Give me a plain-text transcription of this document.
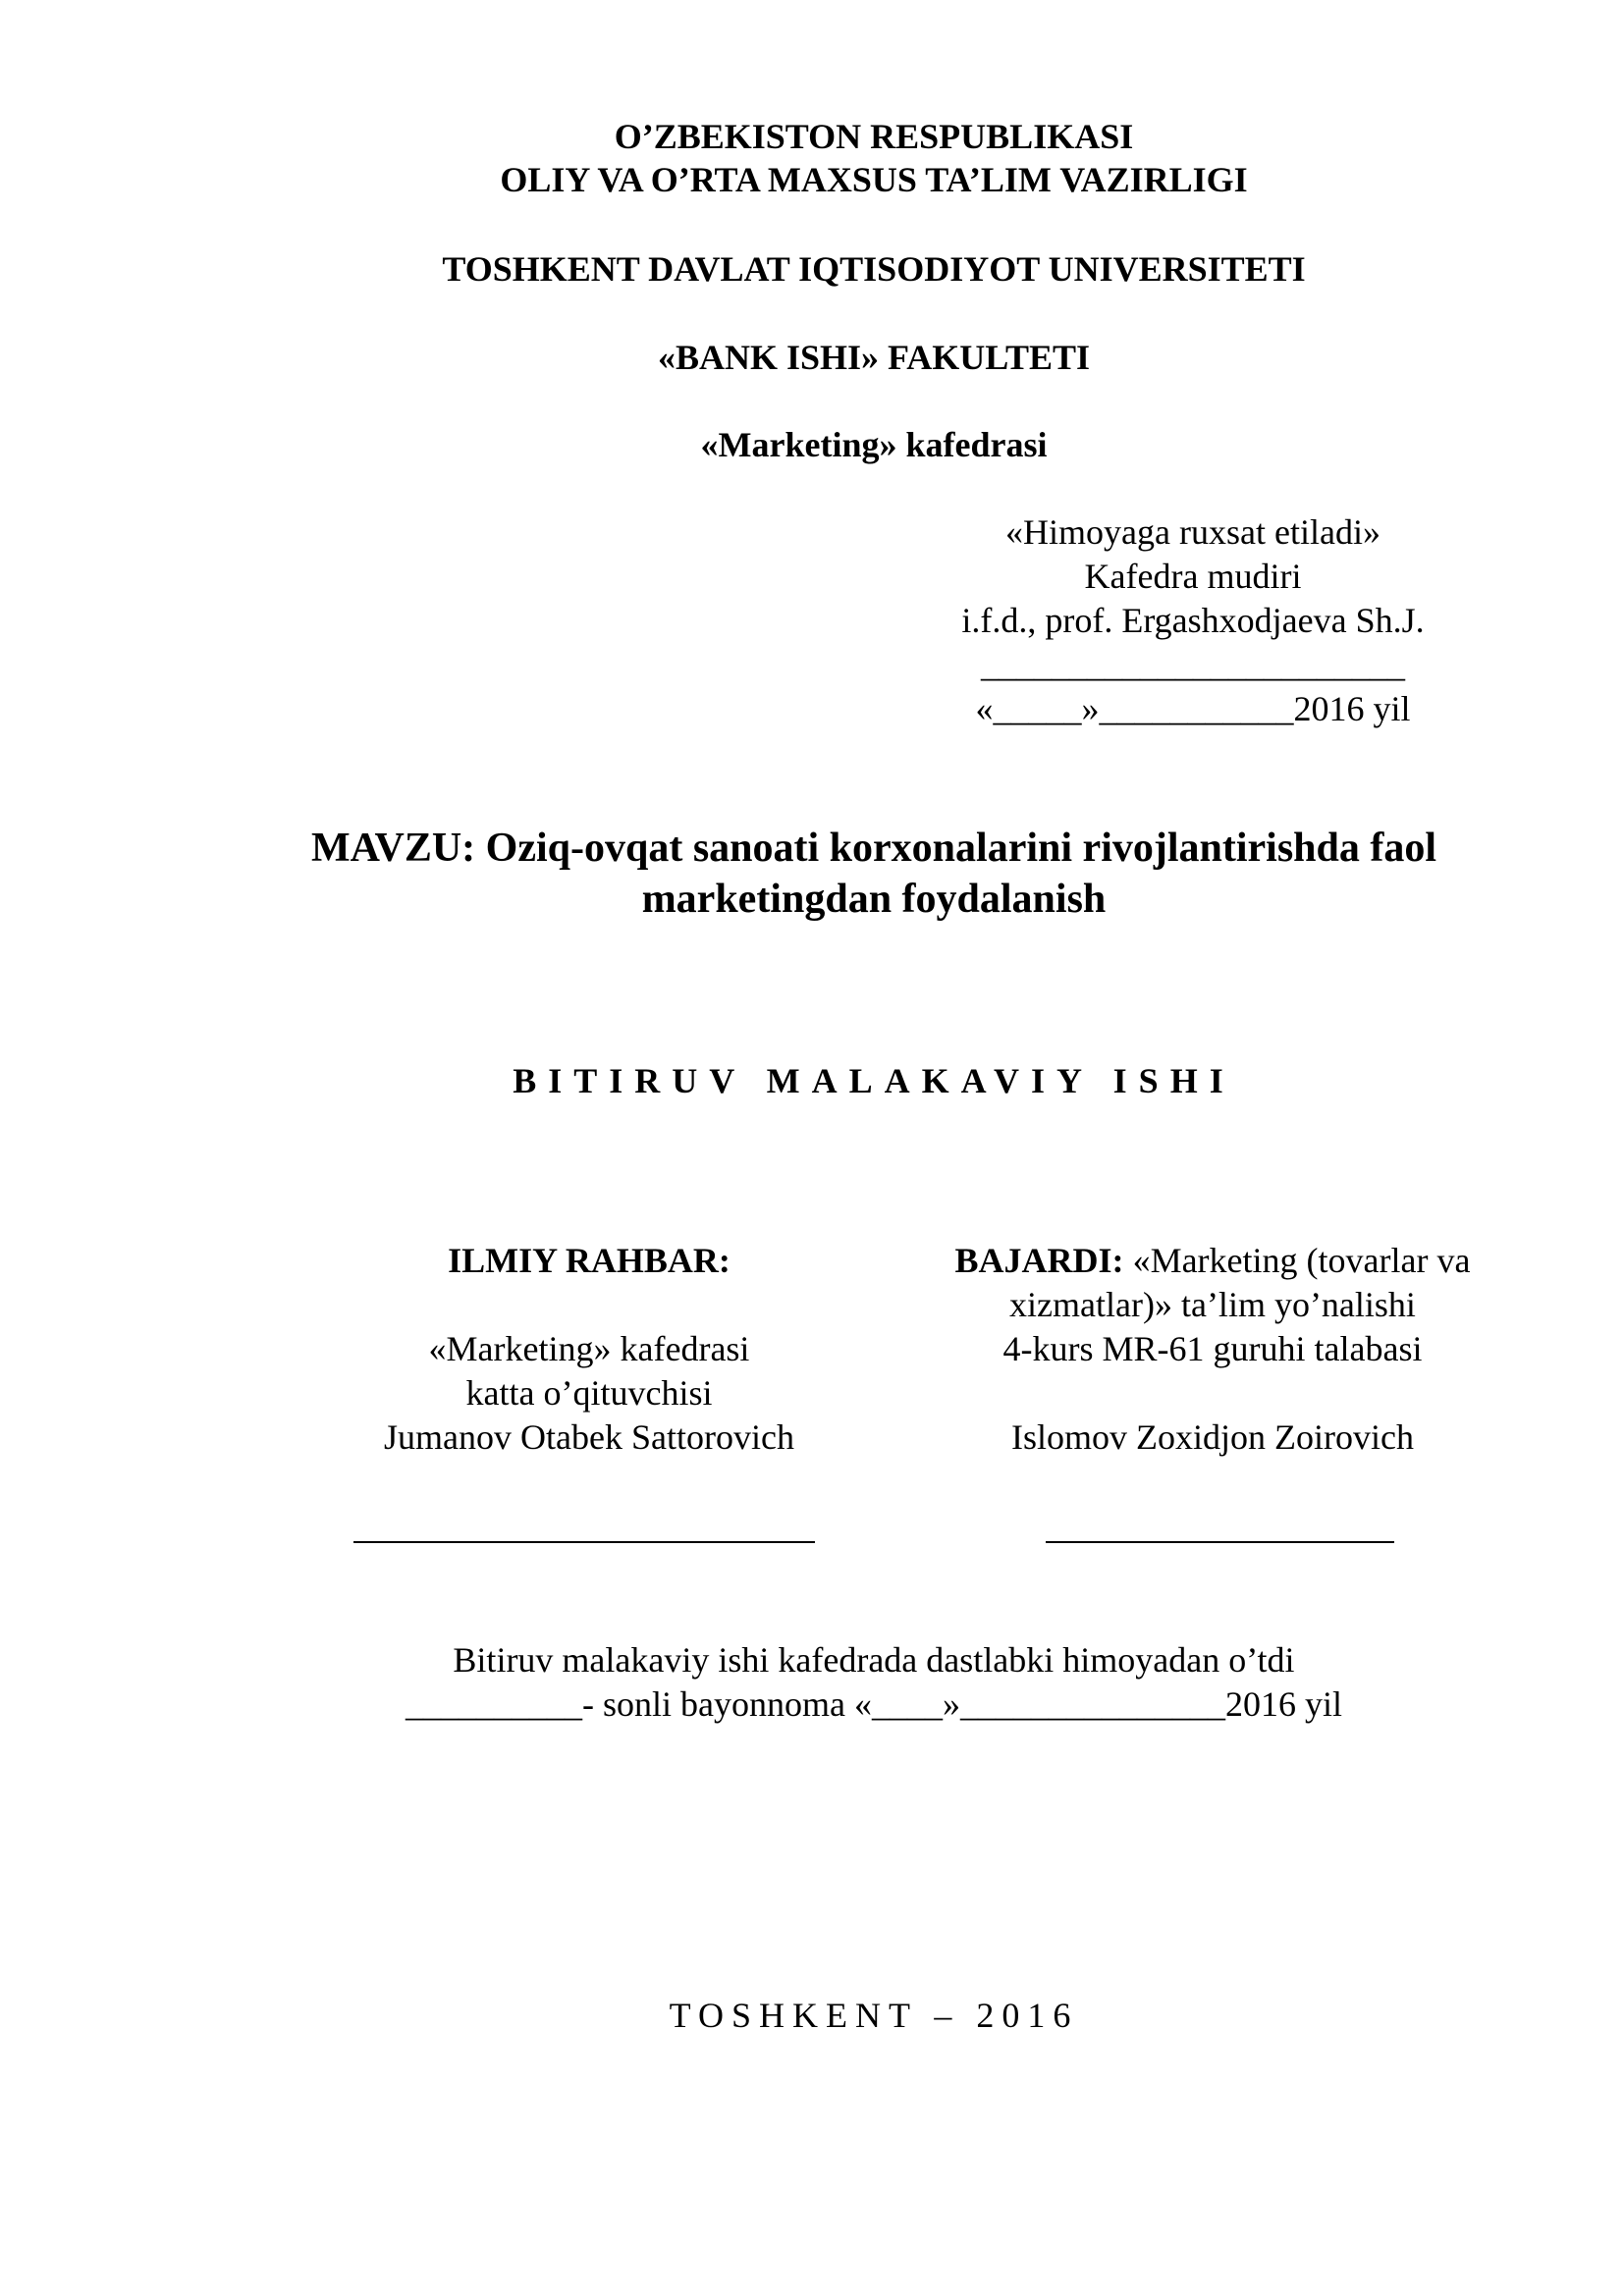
O’ZBEKISTON RESPUBLIKASI
OLIY VA O’RTA MAXSUS TA’LIM VAZIRLIGI
TOSHKENT DAVLAT IQTISODIYOT UNIVERSITETI
«BANK ISHI» FAKULTETI
«Marketing» kafedrasi
«Himoyaga ruxsat etiladi»
Kafedra mudiri
i.f.d., prof. Ergashxodjaeva Sh.J.
________________________
«_____»___________2016 yil
MAVZU: Oziq-ovqat sanoati korxonalarini rivojlantirishda faol marketingdan foydalanish
BITIRUV MALAKAVIY ISHI

ILMIY RAHBAR:

«Marketing» kafedrasi

katta o’qituvchisi

Jumanov Otabek Sattorovich

BAJARDI: «Marketing (tovarlar va

xizmatlar)» ta’lim yo’nalishi

4-kurs MR-61 guruhi talabasi

Islomov Zoxidjon Zoirovich

Bitiruv malakaviy ishi kafedrada dastlabki himoyadan o’tdi
__________- sonli bayonnoma «____»_______________2016 yil
TOSHKENT – 2016
